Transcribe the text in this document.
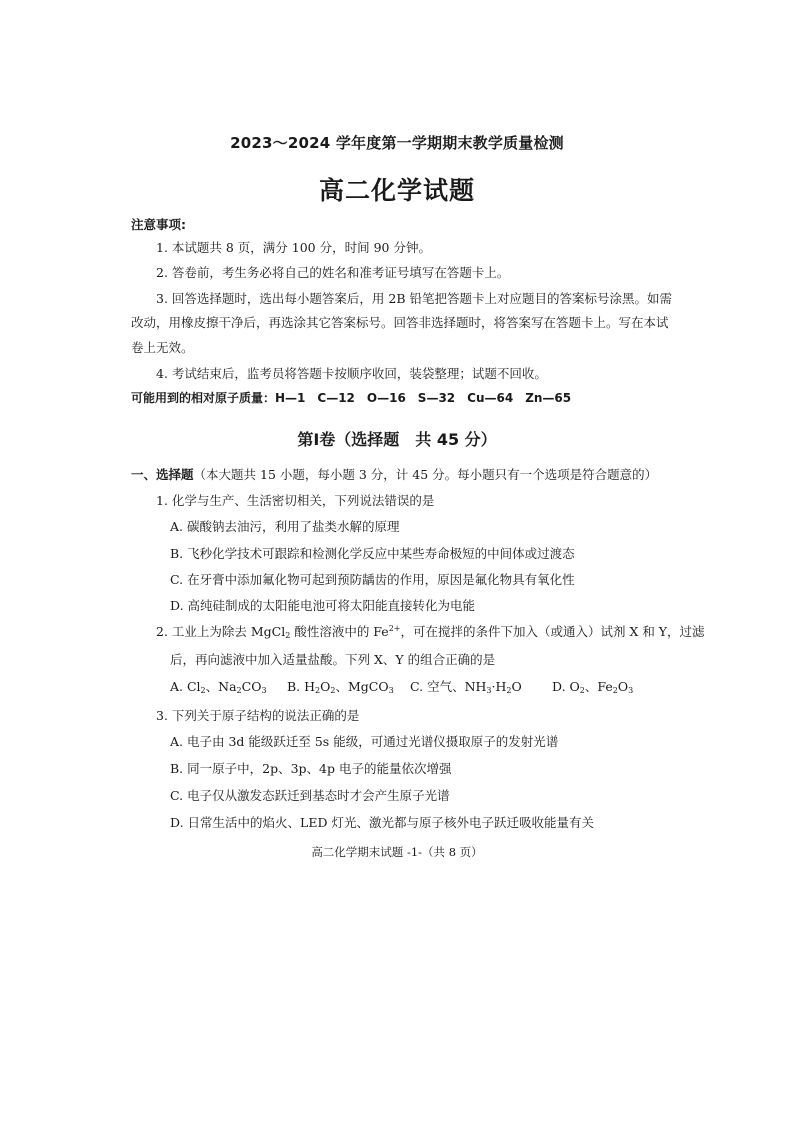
2023～2024 学年度第一学期期末教学质量检测
高二化学试题
注意事项:
1. 本试题共 8 页，满分 100 分，时间 90 分钟。
2. 答卷前，考生务必将自己的姓名和准考证号填写在答题卡上。
3. 回答选择题时，选出每小题答案后，用 2B 铅笔把答题卡上对应题目的答案标号涂黑。如需
改动，用橡皮擦干净后，再选涂其它答案标号。回答非选择题时，将答案写在答题卡上。写在本试
卷上无效。
4. 考试结束后，监考员将答题卡按顺序收回，装袋整理；试题不回收。
可能用到的相对原子质量：H—1　C—12　O—16　S—32　Cu—64　Zn—65
第Ⅰ卷（选择题　共 45 分）
一、选择题（本大题共 15 小题，每小题 3 分，计 45 分。每小题只有一个选项是符合题意的）
1. 化学与生产、生活密切相关，下列说法错误的是
A. 碳酸钠去油污，利用了盐类水解的原理
B. 飞秒化学技术可跟踪和检测化学反应中某些寿命极短的中间体或过渡态
C. 在牙膏中添加氟化物可起到预防龋齿的作用，原因是氟化物具有氧化性
D. 高纯硅制成的太阳能电池可将太阳能直接转化为电能
2. 工业上为除去 MgCl$_2$ 酸性溶液中的 $Fe^{2+}$，可在搅拌的条件下加入（或通入）试剂 X 和 Y，过滤
后，再向滤液中加入适量盐酸。下列 X、Y 的组合正确的是
A. $Cl_2$、$Na_2CO_3$ B. $H_2O_2$、MgCO$_3$ C. 空气、$NH_3\cdot H_2O$ D. $O_2$、$Fe_2O_3$
3. 下列关于原子结构的说法正确的是
A. 电子由 3d 能级跃迁至 5s 能级，可通过光谱仪摄取原子的发射光谱
B. 同一原子中，2p、3p、4p 电子的能量依次增强
C. 电子仅从激发态跃迁到基态时才会产生原子光谱
D. 日常生活中的焰火、LED 灯光、激光都与原子核外电子跃迁吸收能量有关
高二化学期末试题 -1-（共 8 页）
